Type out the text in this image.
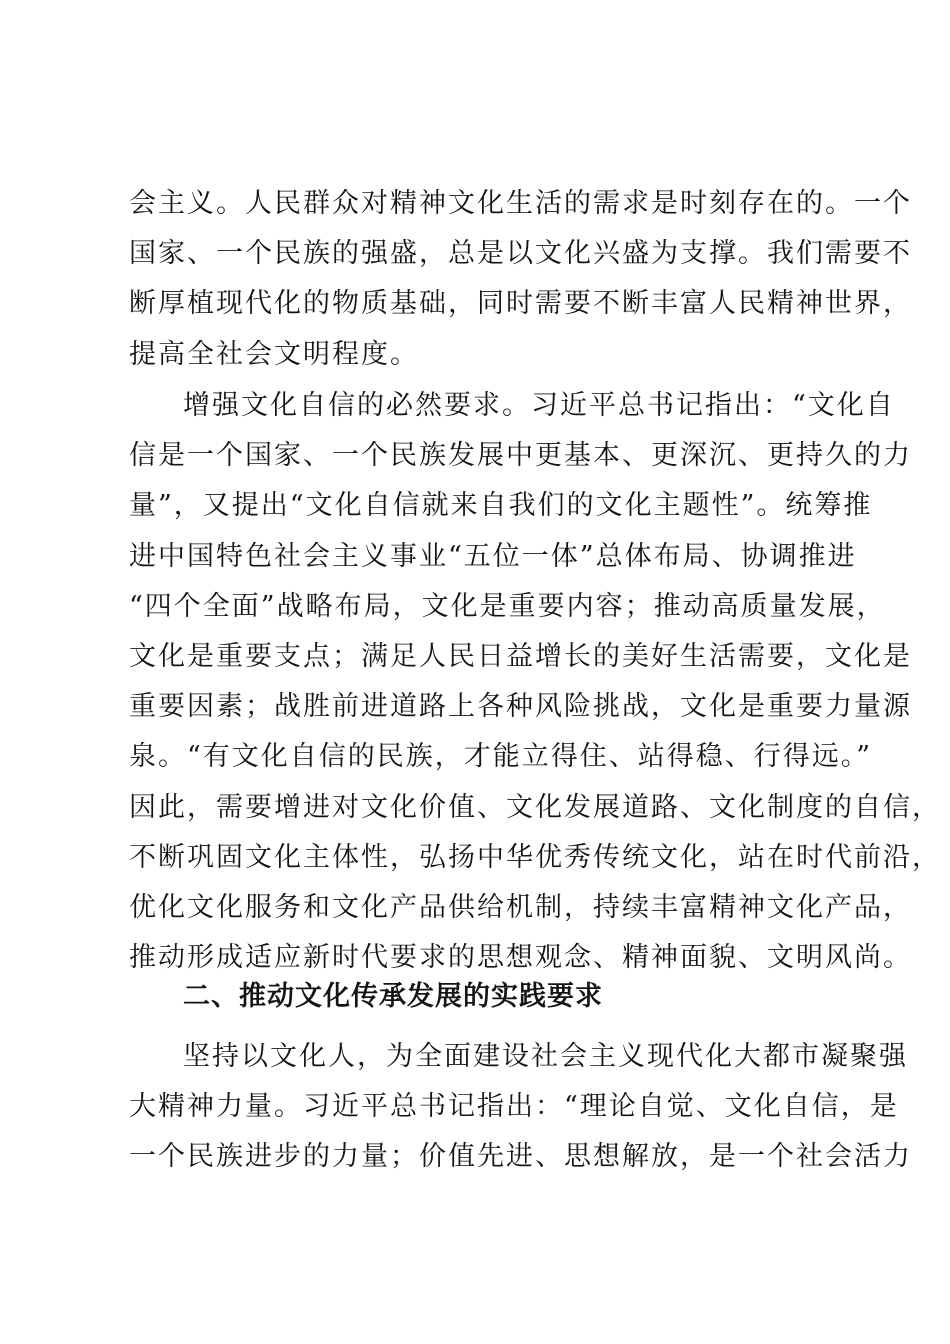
会主义。人民群众对精神文化生活的需求是时刻存在的。一个
国家、一个民族的强盛，总是以文化兴盛为支撑。我们需要不
断厚植现代化的物质基础，同时需要不断丰富人民精神世界，
提高全社会文明程度。
增强文化自信的必然要求。习近平总书记指出：“文化自
信是一个国家、一个民族发展中更基本、更深沉、更持久的力
量”，又提出“文化自信就来自我们的文化主题性”。统筹推
进中国特色社会主义事业“五位一体”总体布局、协调推进
“四个全面”战略布局，文化是重要内容；推动高质量发展，
文化是重要支点；满足人民日益增长的美好生活需要，文化是
重要因素；战胜前进道路上各种风险挑战，文化是重要力量源
泉。“有文化自信的民族，才能立得住、站得稳、行得远。”
因此，需要增进对文化价值、文化发展道路、文化制度的自信，
不断巩固文化主体性，弘扬中华优秀传统文化，站在时代前沿，
优化文化服务和文化产品供给机制，持续丰富精神文化产品，
推动形成适应新时代要求的思想观念、精神面貌、文明风尚。
二、推动文化传承发展的实践要求
坚持以文化人，为全面建设社会主义现代化大都市凝聚强
大精神力量。习近平总书记指出：“理论自觉、文化自信，是
一个民族进步的力量；价值先进、思想解放，是一个社会活力
